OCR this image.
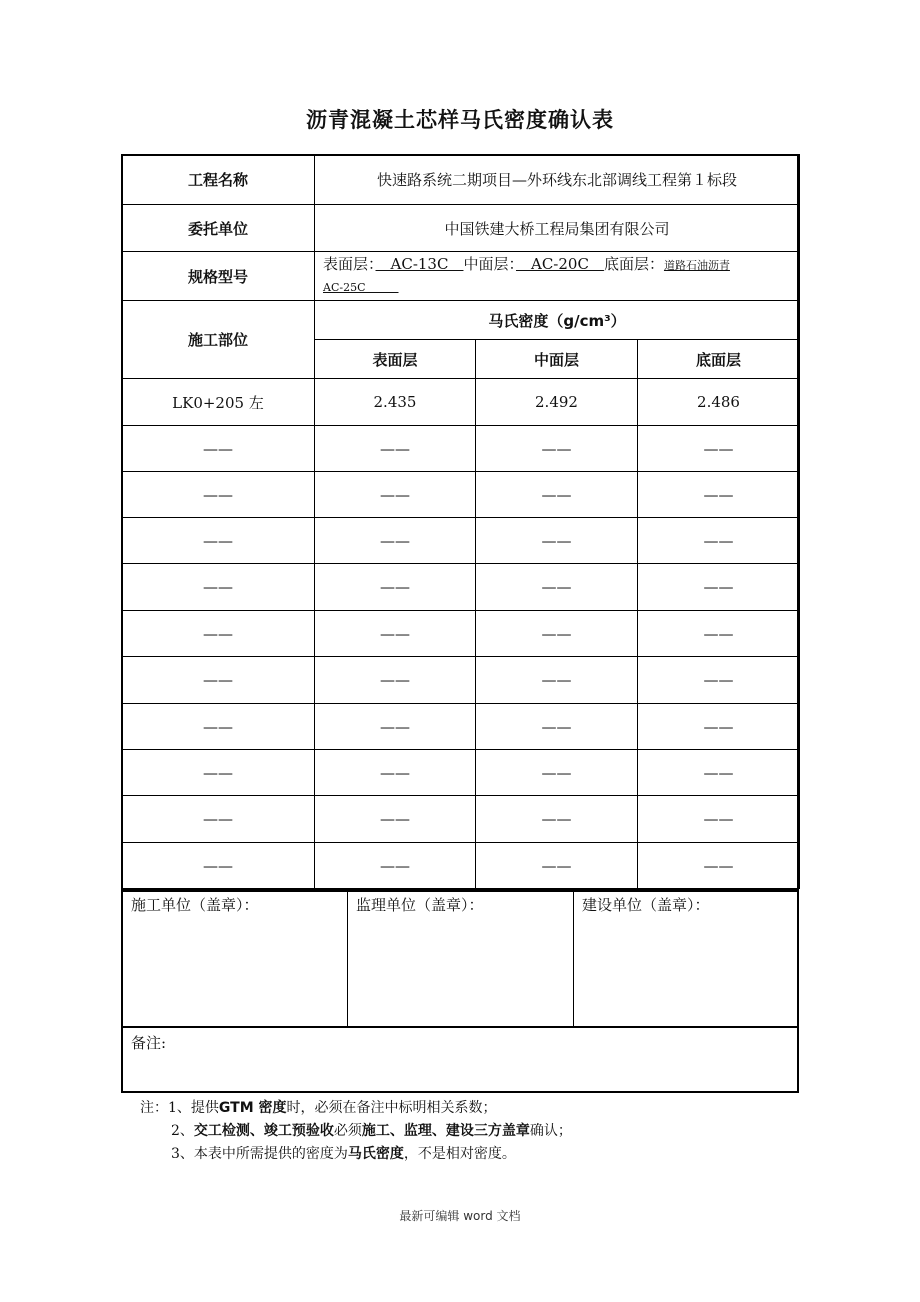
沥青混凝土芯样马氏密度确认表
工程名称	快速路系统二期项目—外环线东北部调线工程第１标段		
委托单位	中国铁建大桥工程局集团有限公司		
规格型号	表面层：　AC-13C　中面层：　AC-20C　底面层：道路石油沥青
AC-25C　　　		
施工部位	马氏密度（g/cm³）		
	表面层	中面层	底面层
LK0+205 左	2.435	2.492	2.486
——	——	——	——
——	——	——	——
——	——	——	——
——	——	——	——
——	——	——	——
——	——	——	——
——	——	——	——
——	——	——	——
——	——	——	——
——	——	——	——
施工单位（盖章）：	监理单位（盖章）：	建设单位（盖章）：
备注:
注：1、提供GTM 密度时，必须在备注中标明相关系数；
2、交工检测、竣工预验收必须施工、监理、建设三方盖章确认；
3、本表中所需提供的密度为马氏密度，不是相对密度。
最新可编辑 word 文档
